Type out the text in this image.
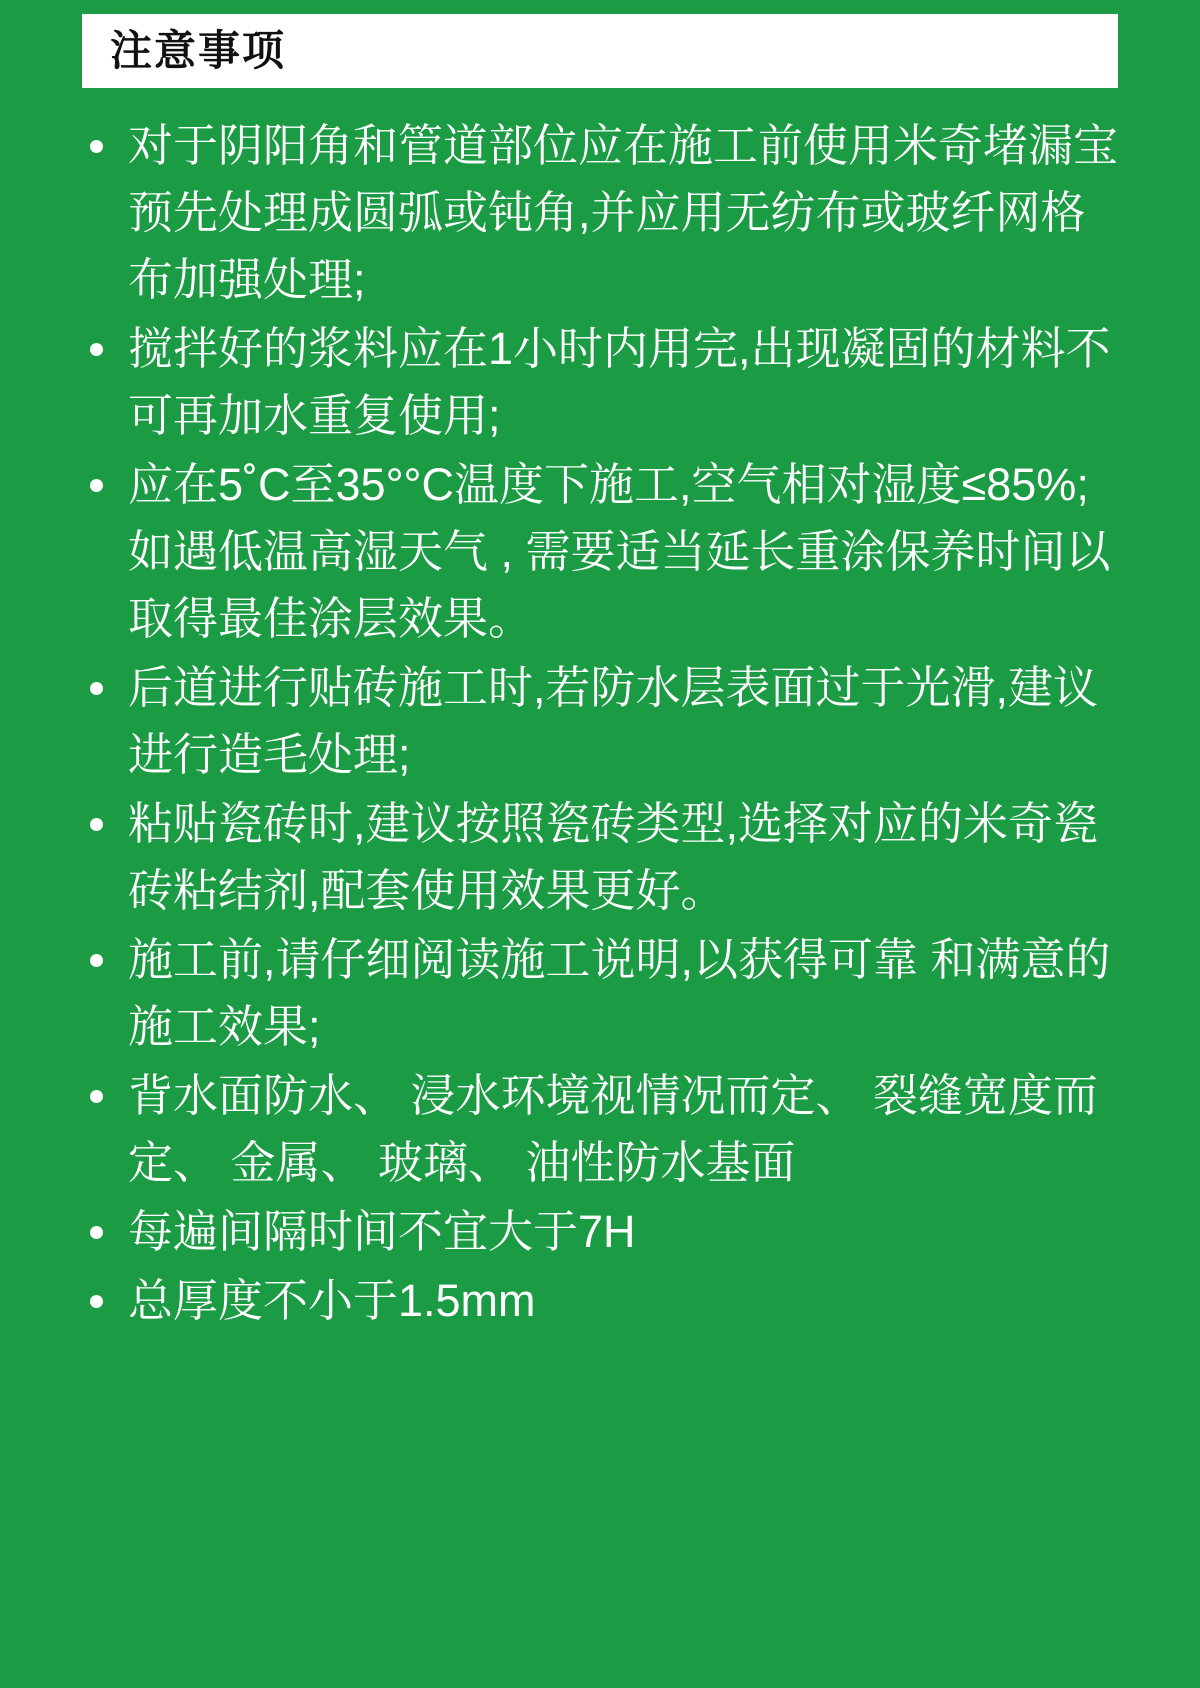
注意事项
对于阴阳角和管道部位应在施工前使用米奇堵漏宝预先处理成圆弧或钝角,并应用无纺布或玻纤网格布加强处理;
搅拌好的浆料应在1小时内用完,出现凝固的材料不可再加水重复使用;
应在5˚C至35°°C温度下施工,空气相对湿度≤85%;如遇低温高湿天气 , 需要适当延长重涂保养时间以取得最佳涂层效果。
后道进行贴砖施工时,若防水层表面过于光滑,建议进行造毛处理;
粘贴瓷砖时,建议按照瓷砖类型,选择对应的米奇瓷砖粘结剂,配套使用效果更好。
施工前,请仔细阅读施工说明,以获得可靠 和满意的施工效果;
背水面防水、 浸水环境视情况而定、 裂缝宽度而定、 金属、 玻璃、 油性防水基面
每遍间隔时间不宜大于7H
总厚度不小于1.5mm
